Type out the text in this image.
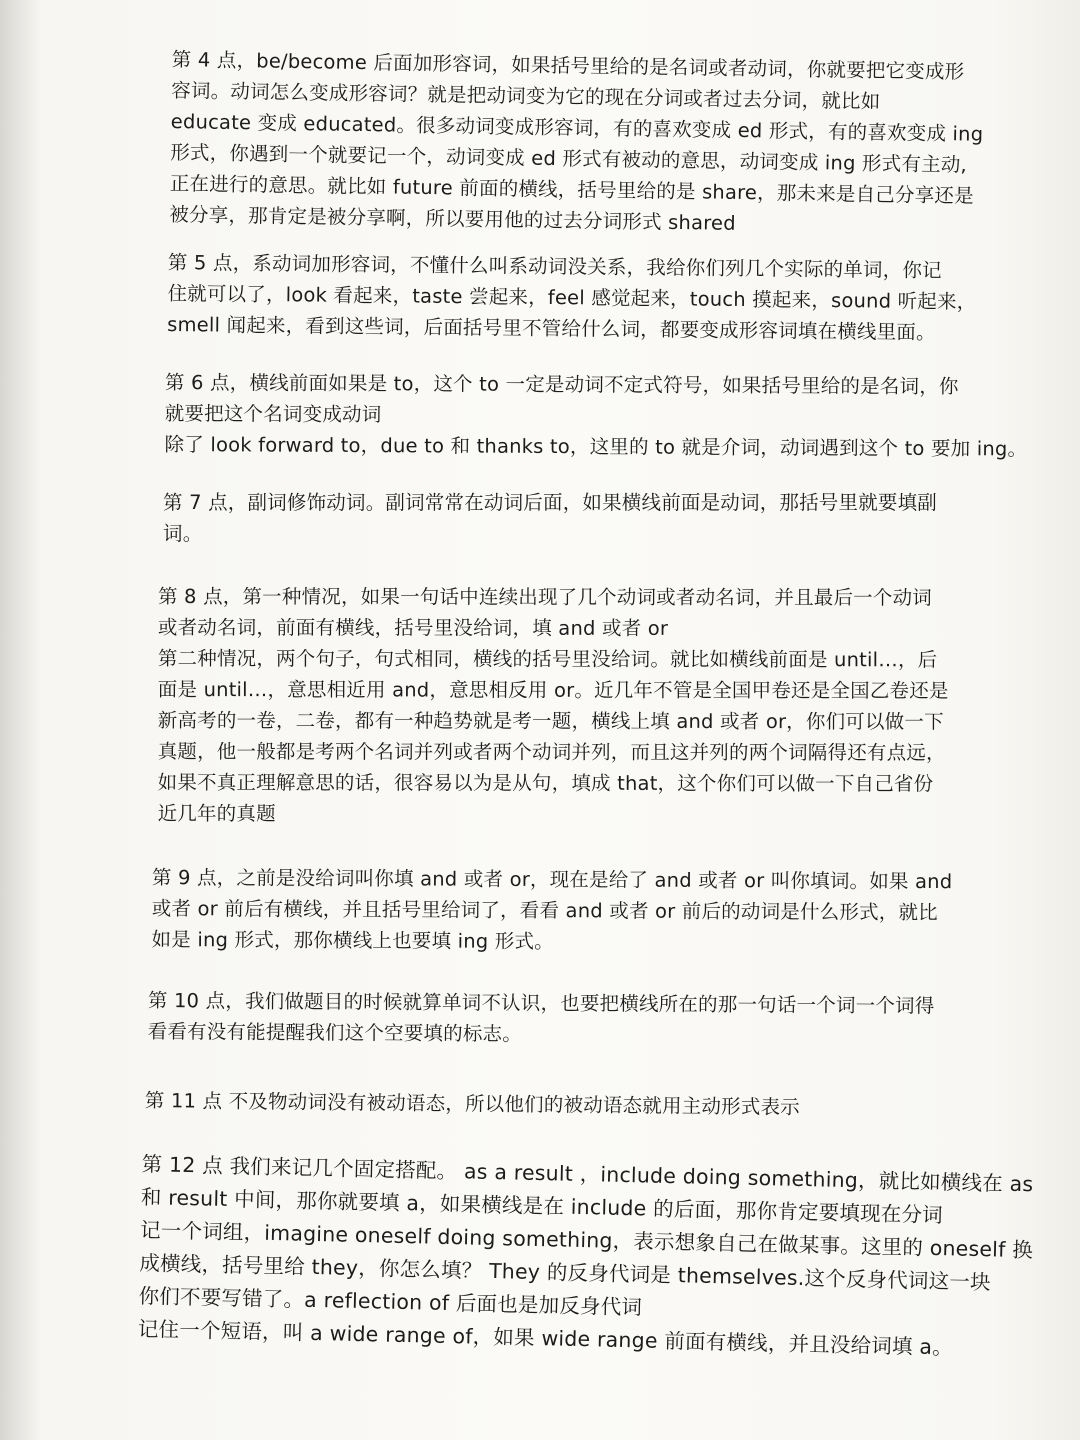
第 4 点，be/become 后面加形容词，如果括号里给的是名词或者动词，你就要把它变成形
容词。动词怎么变成形容词？就是把动词变为它的现在分词或者过去分词，就比如
educate 变成 educated。很多动词变成形容词，有的喜欢变成 ed 形式，有的喜欢变成 ing
形式，你遇到一个就要记一个，动词变成 ed 形式有被动的意思，动词变成 ing 形式有主动,
正在进行的意思。就比如 future 前面的横线，括号里给的是 share，那未来是自己分享还是
被分享，那肯定是被分享啊，所以要用他的过去分词形式 shared
第 5 点，系动词加形容词，不懂什么叫系动词没关系，我给你们列几个实际的单词，你记
住就可以了，look 看起来，taste 尝起来，feel 感觉起来，touch 摸起来，sound 听起来，
smell 闻起来，看到这些词，后面括号里不管给什么词，都要变成形容词填在横线里面。
第 6 点，横线前面如果是 to，这个 to 一定是动词不定式符号，如果括号里给的是名词，你
就要把这个名词变成动词
除了 look forward to，due to 和 thanks to，这里的 to 就是介词，动词遇到这个 to 要加 ing。
第 7 点，副词修饰动词。副词常常在动词后面，如果横线前面是动词，那括号里就要填副
词。
第 8 点，第一种情况，如果一句话中连续出现了几个动词或者动名词，并且最后一个动词
或者动名词，前面有横线，括号里没给词，填 and 或者 or
第二种情况，两个句子，句式相同，横线的括号里没给词。就比如横线前面是 until…，后
面是 until…，意思相近用 and，意思相反用 or。近几年不管是全国甲卷还是全国乙卷还是
新高考的一卷，二卷，都有一种趋势就是考一题，横线上填 and 或者 or，你们可以做一下
真题，他一般都是考两个名词并列或者两个动词并列，而且这并列的两个词隔得还有点远，
如果不真正理解意思的话，很容易以为是从句，填成 that，这个你们可以做一下自己省份
近几年的真题
第 9 点，之前是没给词叫你填 and 或者 or，现在是给了 and 或者 or 叫你填词。如果 and
或者 or 前后有横线，并且括号里给词了，看看 and 或者 or 前后的动词是什么形式，就比
如是 ing 形式，那你横线上也要填 ing 形式。
第 10 点，我们做题目的时候就算单词不认识，也要把横线所在的那一句话一个词一个词得
看看有没有能提醒我们这个空要填的标志。
第 11 点 不及物动词没有被动语态，所以他们的被动语态就用主动形式表示
第 12 点 我们来记几个固定搭配。 as a result ，include doing something，就比如横线在 as
和 result 中间，那你就要填 a，如果横线是在 include 的后面，那你肯定要填现在分词
记一个词组，imagine oneself doing something，表示想象自己在做某事。这里的 oneself 换
成横线，括号里给 they，你怎么填？ They 的反身代词是 themselves.这个反身代词这一块
你们不要写错了。a reflection of 后面也是加反身代词
记住一个短语，叫 a wide range of，如果 wide range 前面有横线，并且没给词填 a。
